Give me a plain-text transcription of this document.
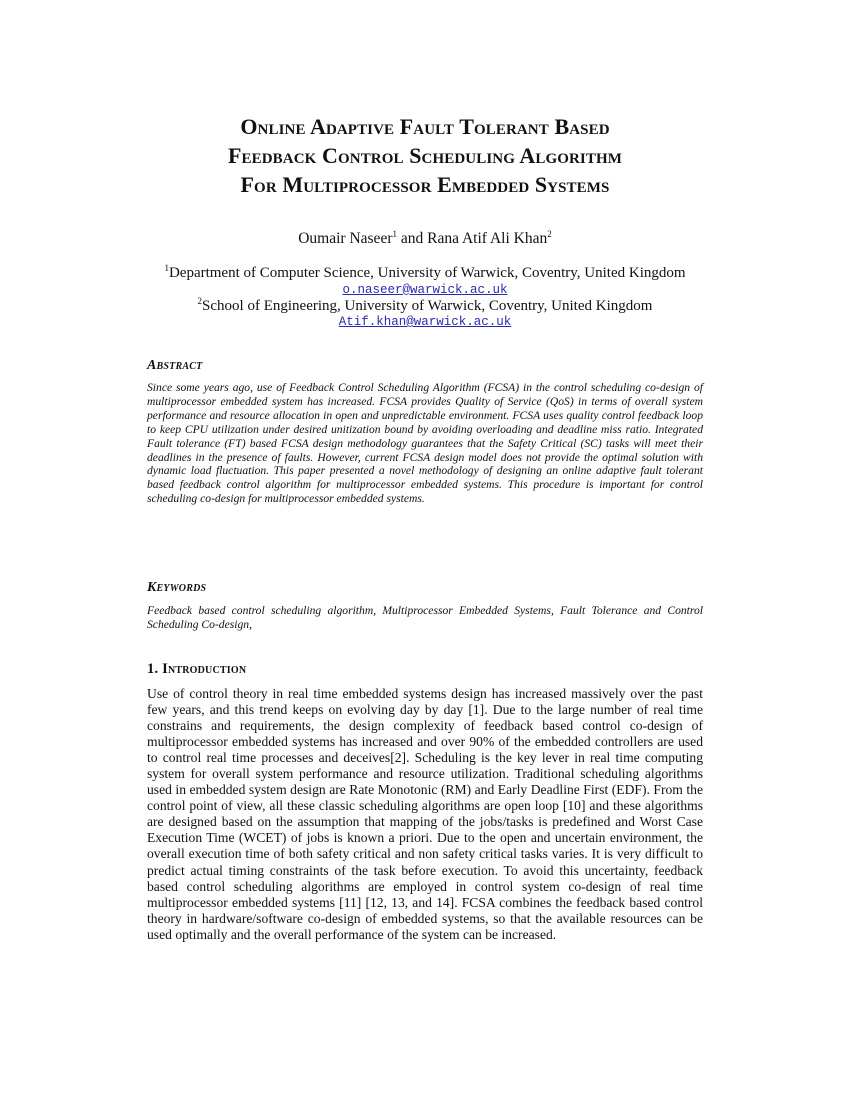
Online Adaptive Fault Tolerant Based
Feedback Control Scheduling Algorithm
For Multiprocessor Embedded Systems
Oumair Naseer$^1$ and Rana Atif Ali Khan$^2$
$^1$Department of Computer Science, University of Warwick, Coventry, United Kingdom
o.naseer@warwick.ac.uk
$^2$School of Engineering, University of Warwick, Coventry, United Kingdom
Atif.khan@warwick.ac.uk
Abstract
Since some years ago, use of Feedback Control Scheduling Algorithm (FCSA) in the control scheduling co-design of multiprocessor embedded system has increased. FCSA provides Quality of Service (QoS) in terms of overall system performance and resource allocation in open and unpredictable environment. FCSA uses quality control feedback loop to keep CPU utilization under desired unitization bound by avoiding overloading and deadline miss ratio. Integrated Fault tolerance (FT) based FCSA design methodology guarantees that the Safety Critical (SC) tasks will meet their deadlines in the presence of faults. However, current FCSA design model does not provide the optimal solution with dynamic load fluctuation. This paper presented a novel methodology of designing an online adaptive fault tolerant based feedback control algorithm for multiprocessor embedded systems. This procedure is important for control scheduling co-design for multiprocessor embedded systems.
Keywords
Feedback based control scheduling algorithm, Multiprocessor Embedded Systems, Fault Tolerance and Control Scheduling Co-design,
1. Introduction
Use of control theory in real time embedded systems design has increased massively over the past few years, and this trend keeps on evolving day by day [1]. Due to the large number of real time constrains and requirements, the design complexity of feedback based control co-design of multiprocessor embedded systems has increased and over 90% of the embedded controllers are used to control real time processes and deceives[2]. Scheduling is the key lever in real time computing system for overall system performance and resource utilization. Traditional scheduling algorithms used in embedded system design are Rate Monotonic (RM) and Early Deadline First (EDF). From the control point of view, all these classic scheduling algorithms are open loop [10] and these algorithms are designed based on the assumption that mapping of the jobs/tasks is predefined and Worst Case Execution Time (WCET) of jobs is known a priori. Due to the open and uncertain environment, the overall execution time of both safety critical and non safety critical tasks varies. It is very difficult to predict actual timing constraints of the task before execution. To avoid this uncertainty, feedback based control scheduling algorithms are employed in control system co-design of real time multiprocessor embedded systems [11] [12, 13, and 14]. FCSA combines the feedback based control theory in hardware/software co-design of embedded systems, so that the available resources can be used optimally and the overall performance of the system can be increased.
